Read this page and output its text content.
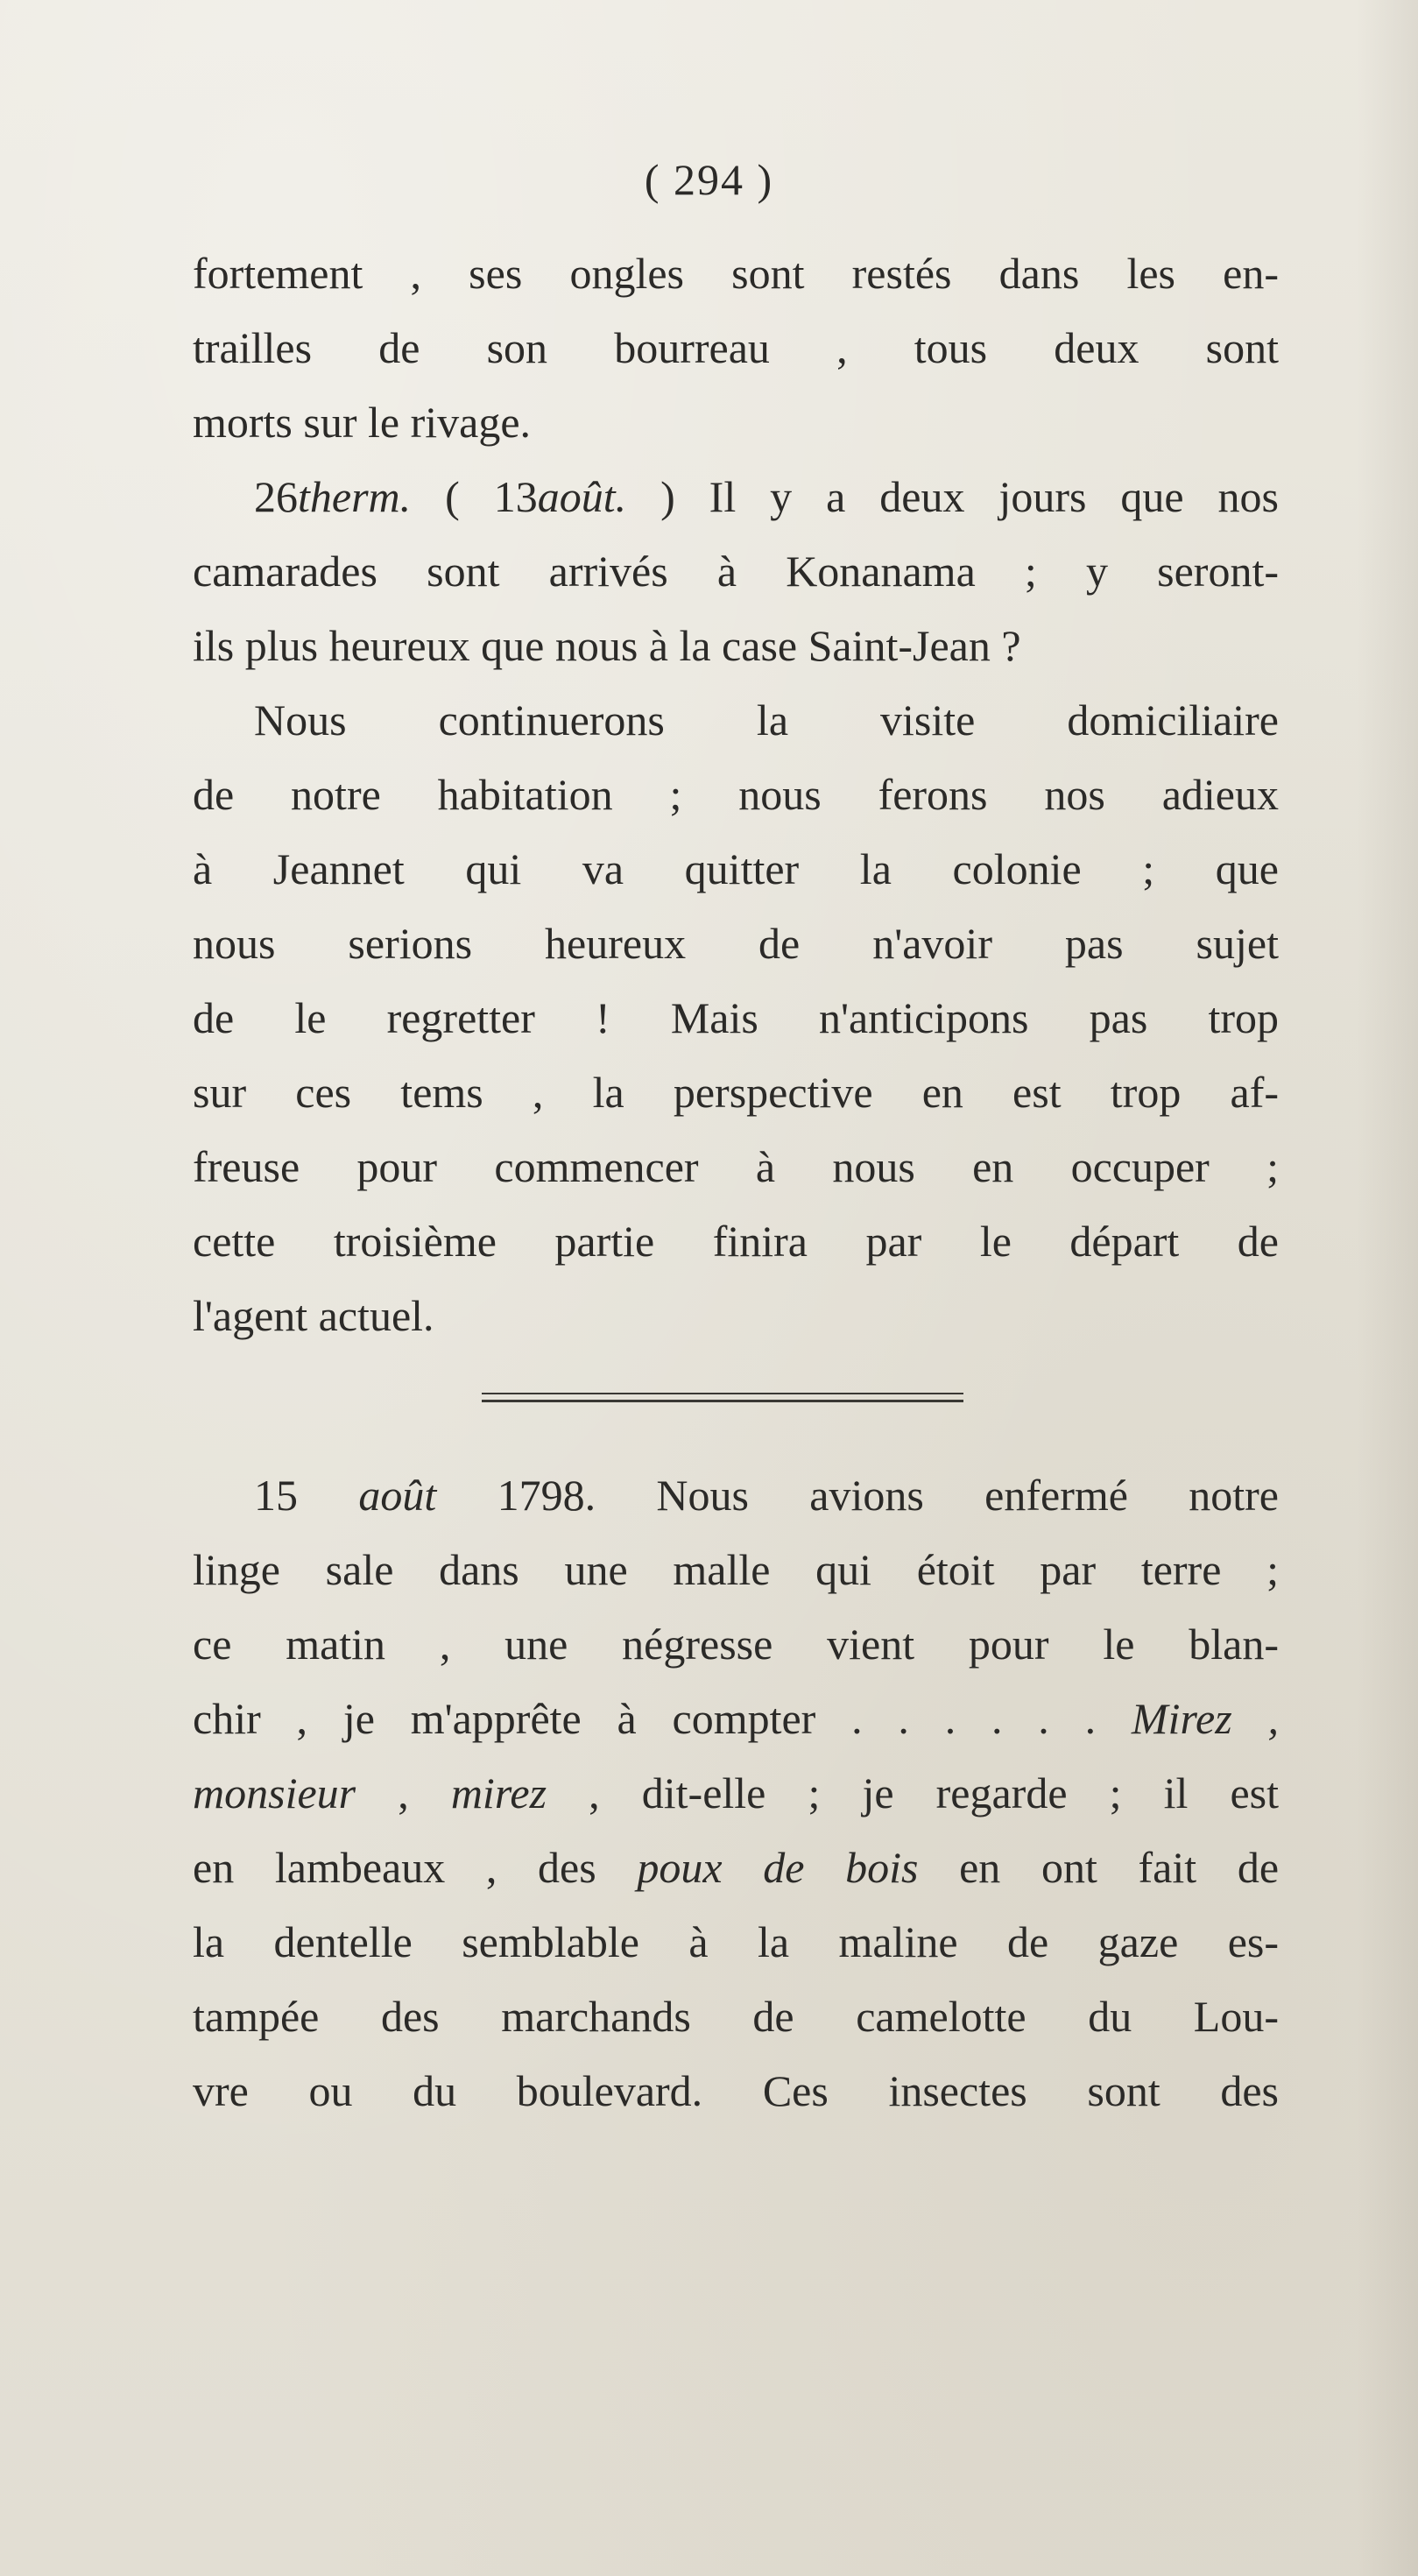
( 294 )
fortement , ses ongles sont restés dans les en-
trailles de son bourreau , tous deux sont
morts sur le rivage.
26therm. ( 13août. ) Il y a deux jours que nos
camarades sont arrivés à Konanama ; y seront-
ils plus heureux que nous à la case Saint-Jean ?
Nous continuerons la visite domiciliaire
de notre habitation ; nous ferons nos adieux
à Jeannet qui va quitter la colonie ; que
nous serions heureux de n'avoir pas sujet
de le regretter ! Mais n'anticipons pas trop
sur ces tems , la perspective en est trop af-
freuse pour commencer à nous en occuper ;
cette troisième partie finira par le départ de
l'agent actuel.
15 août 1798. Nous avions enfermé notre
linge sale dans une malle qui étoit par terre ;
ce matin , une négresse vient pour le blan-
chir , je m'apprête à compter . . . . . . Mirez ,
monsieur , mirez , dit-elle ; je regarde ; il est
en lambeaux , des poux de bois en ont fait de
la dentelle semblable à la maline de gaze es-
tampée des marchands de camelotte du Lou-
vre ou du boulevard. Ces insectes sont des
